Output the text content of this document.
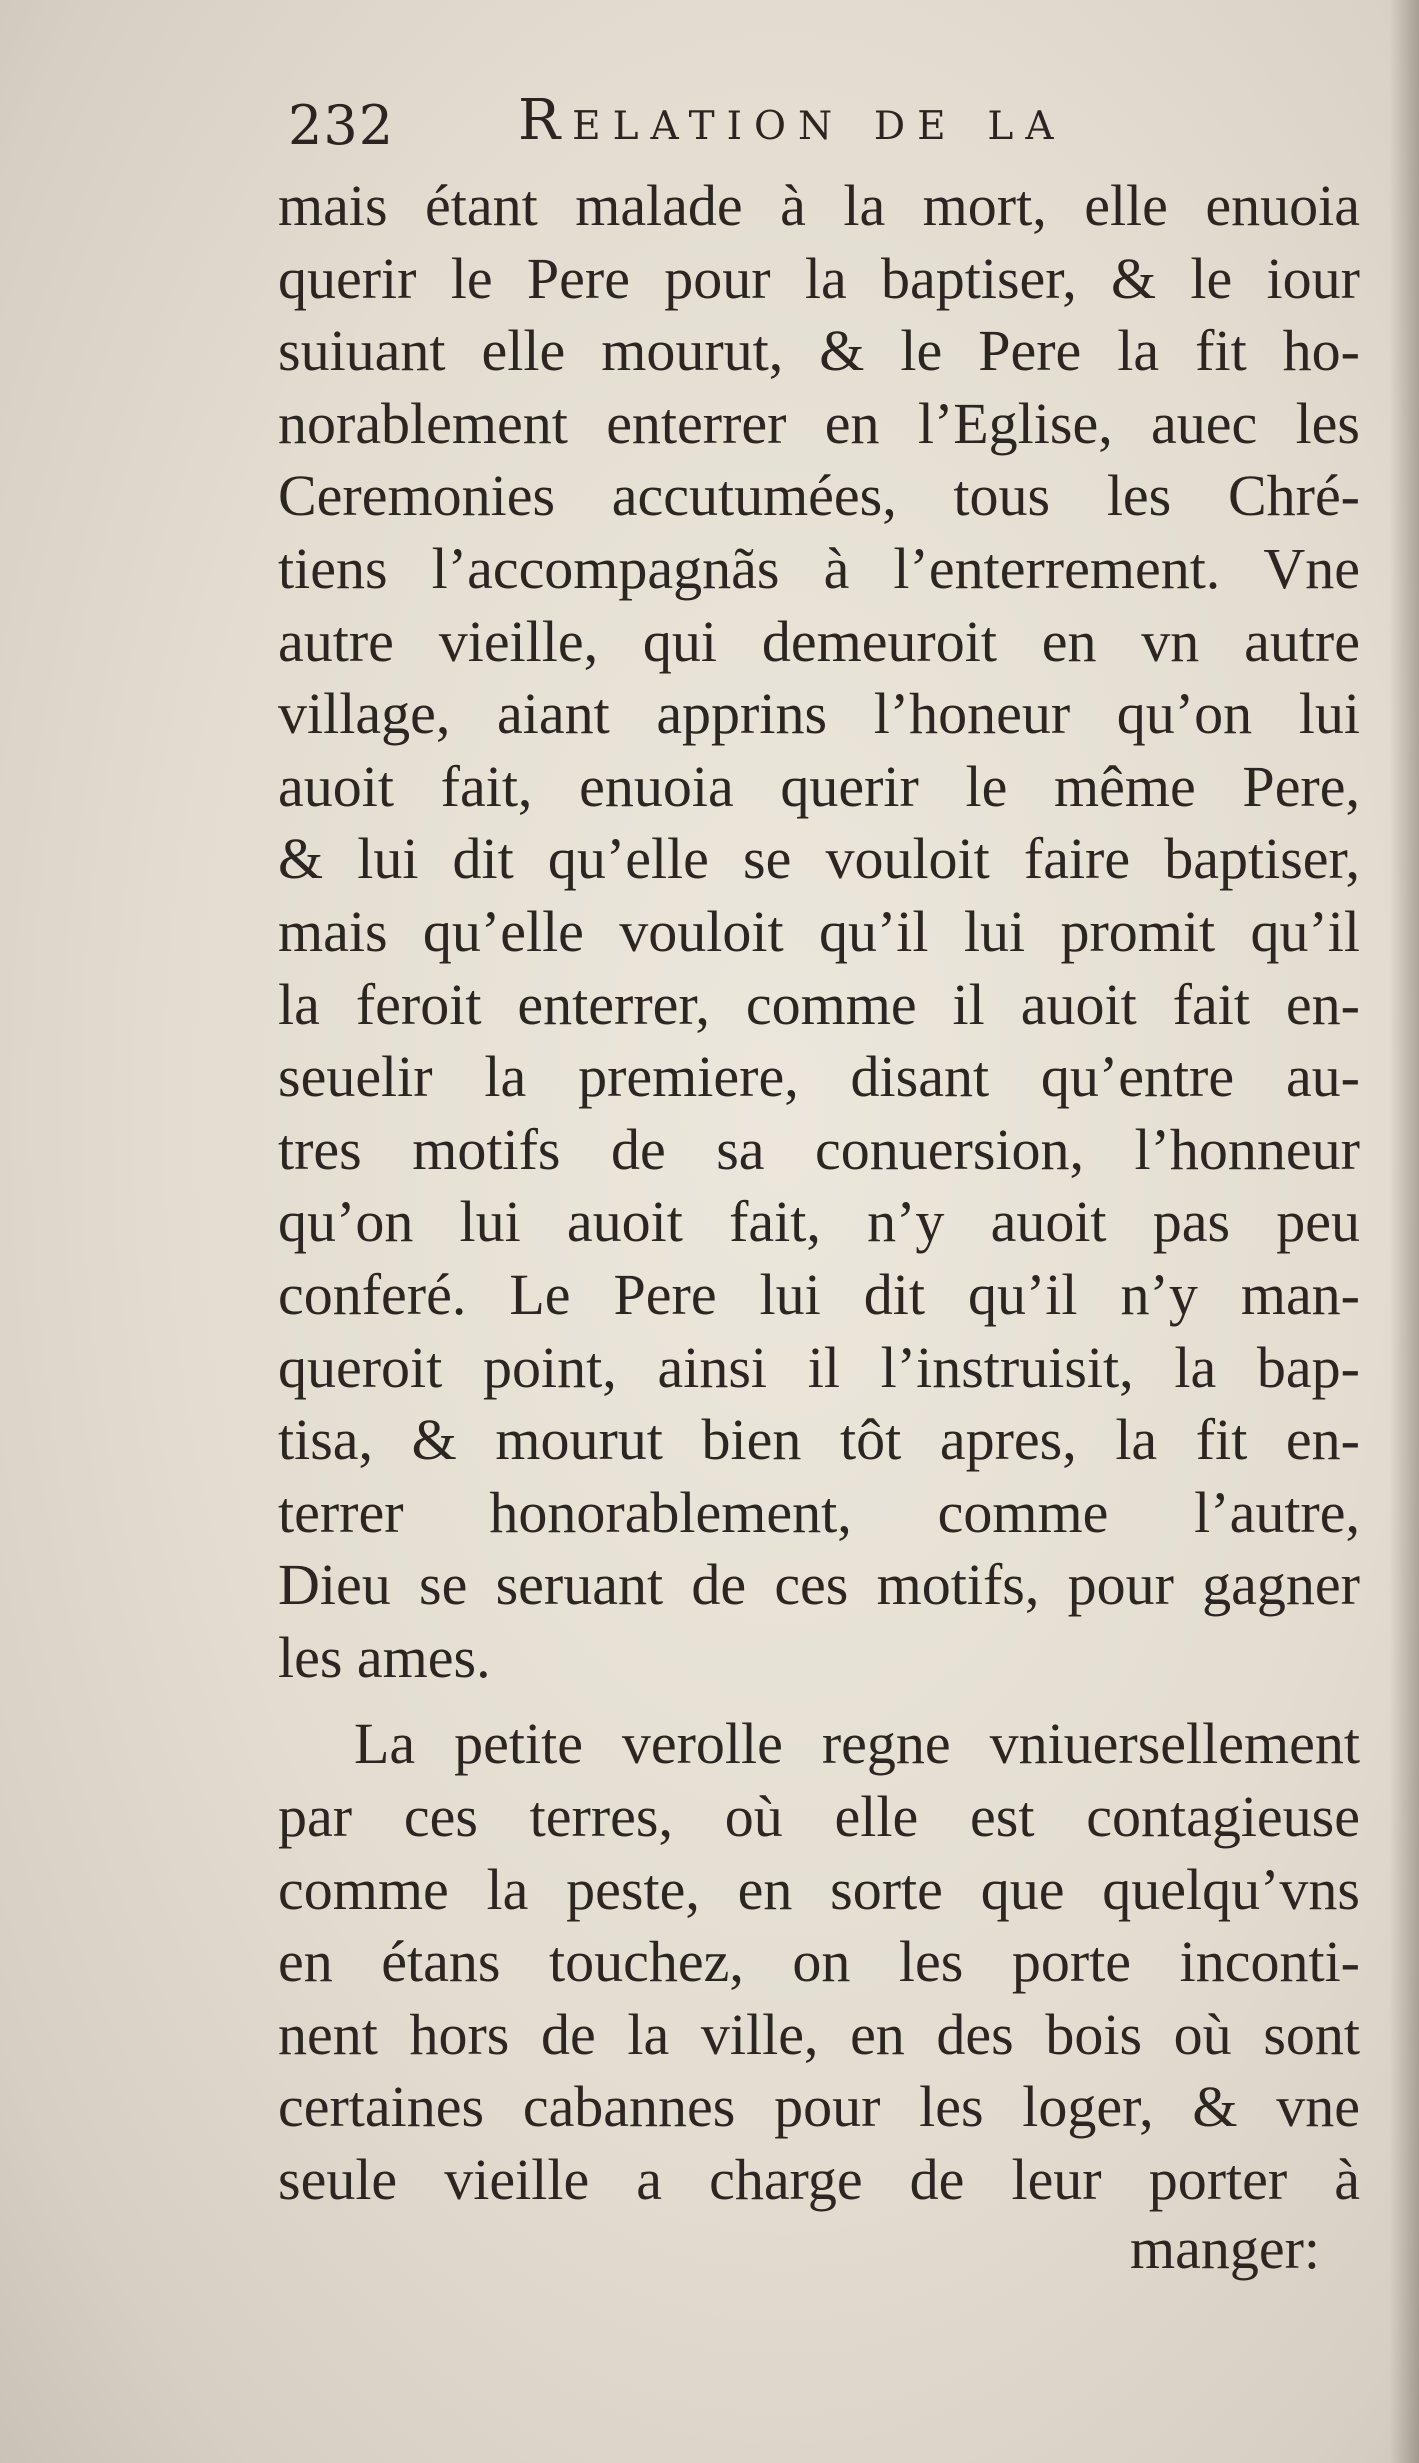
232 Relation de la
mais étant malade à la mort, elle enuoia
querir le Pere pour la baptiser, & le iour
suiuant elle mourut, & le Pere la fit ho-
norablement enterrer en l’Eglise, auec les
Ceremonies accutumées, tous les Chré-
tiens l’accompagnãs à l’enterrement. Vne
autre vieille, qui demeuroit en vn autre
village, aiant apprins l’honeur qu’on lui
auoit fait, enuoia querir le même Pere,
& lui dit qu’elle se vouloit faire baptiser,
mais qu’elle vouloit qu’il lui promit qu’il
la feroit enterrer, comme il auoit fait en-
seuelir la premiere, disant qu’entre au-
tres motifs de sa conuersion, l’honneur
qu’on lui auoit fait, n’y auoit pas peu
conferé. Le Pere lui dit qu’il n’y man-
queroit point, ainsi il l’instruisit, la bap-
tisa, & mourut bien tôt apres, la fit en-
terrer honorablement, comme l’autre,
Dieu se seruant de ces motifs, pour gagner
les ames.
La petite verolle regne vniuersellement
par ces terres, où elle est contagieuse
comme la peste, en sorte que quelqu’vns
en étans touchez, on les porte inconti-
nent hors de la ville, en des bois où sont
certaines cabannes pour les loger, & vne
seule vieille a charge de leur porter à
manger:
